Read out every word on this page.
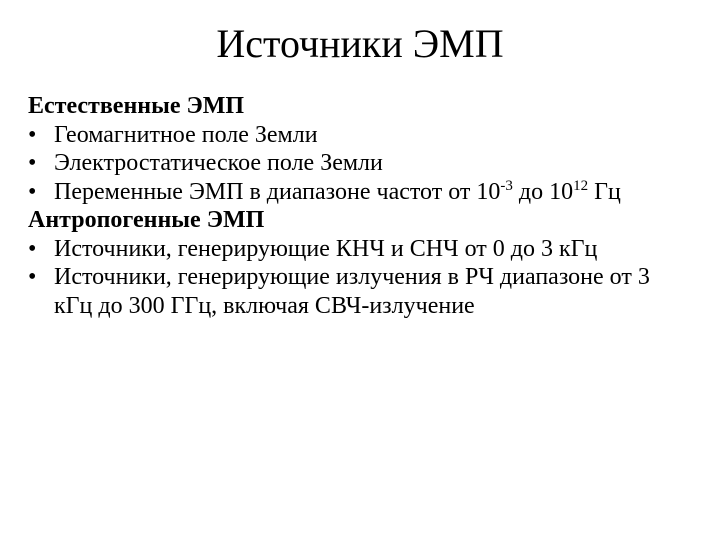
Источники ЭМП
Естественные ЭМП
• Геомагнитное поле Земли
• Электростатическое поле Земли
• Переменные ЭМП в диапазоне частот от $10^{-3}$ до $10^{12}$ Гц
Антропогенные ЭМП
• Источники, генерирующие КНЧ и СНЧ от 0 до 3 кГц
• Источники, генерирующие излучения в РЧ диапазоне от 3 кГц до 300 ГГц, включая СВЧ-излучение
